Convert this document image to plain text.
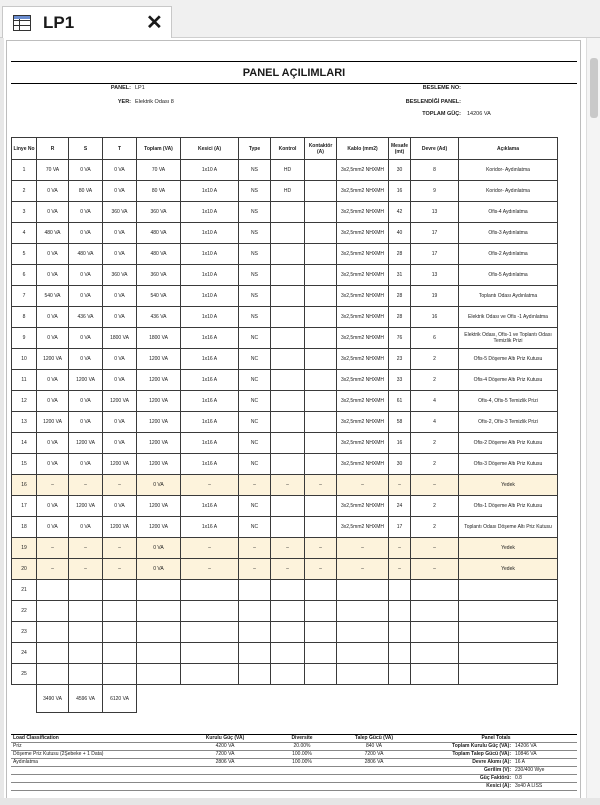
LP1	✕
PANEL AÇILIMLARI
PANEL: LP1
YER: Elektrik Odası 8
BESLEME NO:
BESLENDİĞİ PANEL:
TOPLAM GÜÇ: 14206 VA
Linye No	R	S	T	Toplam (VA)	Kesici (A)	Type	Kontrol	Kontaktör (A)	Kablo (mm2)	Mesafe (mt)	Devre (Ad)	Açıklama
1	70 VA	0 VA	0 VA	70 VA	1x10 A	NS	HD		3x2,5mm2 NHXMH	30	8	Koridor- Aydınlatma
2	0 VA	80 VA	0 VA	80 VA	1x10 A	NS	HD		3x2,5mm2 NHXMH	16	9	Koridor- Aydınlatma
3	0 VA	0 VA	360 VA	360 VA	1x10 A	NS			3x2,5mm2 NHXMH	42	13	Ofis-4 Aydınlatma
4	480 VA	0 VA	0 VA	480 VA	1x10 A	NS			3x2,5mm2 NHXMH	40	17	Ofis-3 Aydınlatma
5	0 VA	480 VA	0 VA	480 VA	1x10 A	NS			3x2,5mm2 NHXMH	28	17	Ofis-2 Aydınlatma
6	0 VA	0 VA	360 VA	360 VA	1x10 A	NS			3x2,5mm2 NHXMH	31	13	Ofis-5 Aydınlatma
7	540 VA	0 VA	0 VA	540 VA	1x10 A	NS			3x2,5mm2 NHXMH	28	19	Toplantı Odası Aydınlatma
8	0 VA	436 VA	0 VA	436 VA	1x10 A	NS			3x2,5mm2 NHXMH	28	16	Elektrik Odası ve Ofis -1 Aydınlatma
9	0 VA	0 VA	1800 VA	1800 VA	1x16 A	NC			3x2,5mm2 NHXMH	76	6	Elektrik Odası, Ofis-1 ve Toplantı Odası Temizlik Prizi
10	1200 VA	0 VA	0 VA	1200 VA	1x16 A	NC			3x2,5mm2 NHXMH	23	2	Ofis-5 Döşeme Altı Priz Kutusu
11	0 VA	1200 VA	0 VA	1200 VA	1x16 A	NC			3x2,5mm2 NHXMH	33	2	Ofis-4 Döşeme Altı Priz Kutusu
12	0 VA	0 VA	1200 VA	1200 VA	1x16 A	NC			3x2,5mm2 NHXMH	61	4	Ofis-4, Ofis-5 Temizlik Prizi
13	1200 VA	0 VA	0 VA	1200 VA	1x16 A	NC			3x2,5mm2 NHXMH	58	4	Ofis-2, Ofis-3 Temizlik Prizi
14	0 VA	1200 VA	0 VA	1200 VA	1x16 A	NC			3x2,5mm2 NHXMH	16	2	Ofis-2 Döşeme Altı Priz Kutusu
15	0 VA	0 VA	1200 VA	1200 VA	1x16 A	NC			3x2,5mm2 NHXMH	30	2	Ofis-3 Döşeme Altı Priz Kutusu
16	–	–	–	0 VA	–	–	–	–	–	–	–	Yedek
17	0 VA	1200 VA	0 VA	1200 VA	1x16 A	NC			3x2,5mm2 NHXMH	24	2	Ofis-1 Döşeme Altı Priz Kutusu
18	0 VA	0 VA	1200 VA	1200 VA	1x16 A	NC			3x2,5mm2 NHXMH	17	2	Toplantı Odası Döşeme Altı Priz Kutusu
19	–	–	–	0 VA	–	–	–	–	–	–	–	Yedek
20	–	–	–	0 VA	–	–	–	–	–	–	–	Yedek
21												
22												
23												
24												
25												
	3490 VA	4596 VA	6120 VA									
Load Classification	Kurulu Güç (VA)	Diversite	Talep Gücü (VA)	Panel Totals	
Priz	4200 VA	20.00%	840 VA	Toplam Kurulu Güç (VA):	14206 VA
Döşeme Priz Kutusu (2Şebeke + 1 Data)	7200 VA	100.00%	7200 VA	Toplam Talep Gücü (VA):	10846 VA
Aydınlatma	2806 VA	100.00%	2806 VA	Devre Akımı (A):	16 A
				Gerilim (V):	230/400 Wye
				Güç Faktörü:	0.8
				Kesici (A):	3x40 A LISS
